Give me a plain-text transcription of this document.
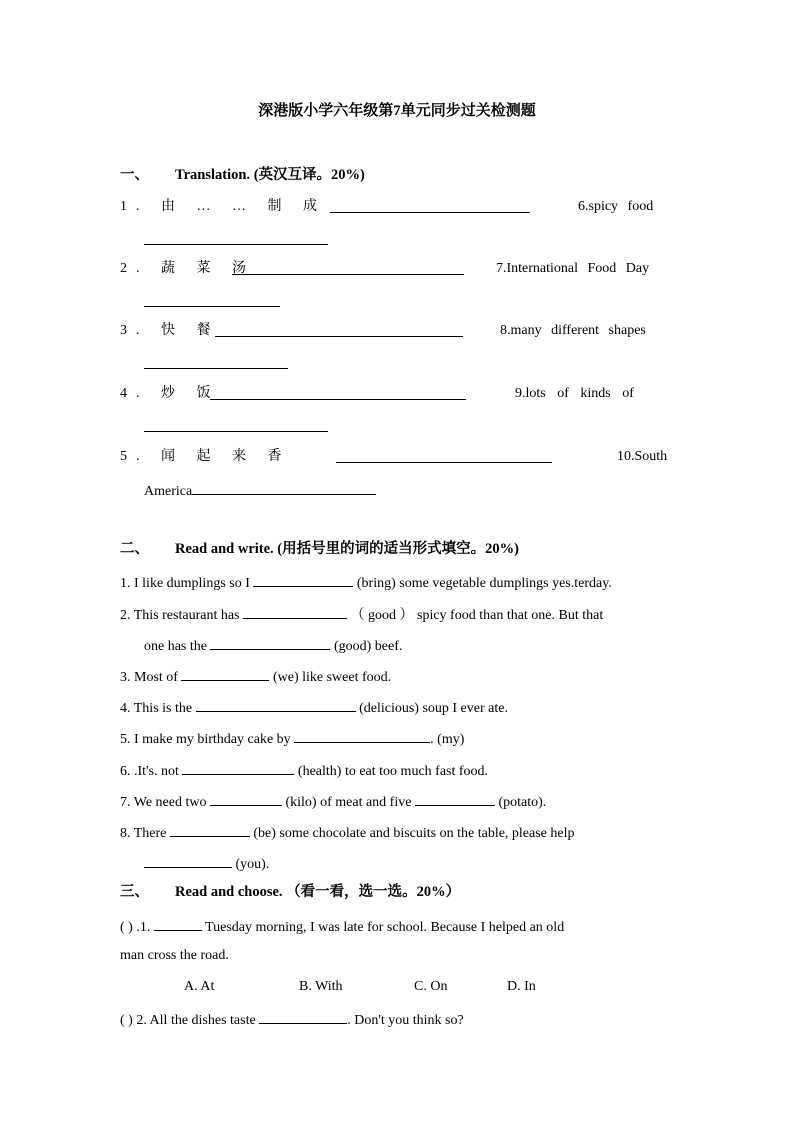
深港版小学六年级第7单元同步过关检测题
一、 Translation. (英汉互译。20%)
1. 由 … … 制 成	6.spicy food
2. 蔬 菜 汤	7.International Food Day
3. 快 餐	8.many different shapes
4. 炒 饭	9.lots of kinds of
5. 闻 起 来 香	10.South
America
二、 Read and write. (用括号里的词的适当形式填空。20%)
1. I like dumplings so I	(bring) some vegetable dumplings yes.terday.
2. This restaurant has	（ good ） spicy food than that one. But that
one has the	(good) beef.
3. Most of	(we) like sweet food.
4. This is the	(delicious) soup I ever ate.
5. I make my birthday cake by	. (my)
6. .It's. not	(health) to eat too much fast food.
7. We need two	(kilo) of meat and five	(potato).
8. There	(be) some chocolate and biscuits on the table, please help
(you).
三、 Read and choose. （看一看，选一选。20%）
( ) .1.	Tuesday morning, I was late for school. Because I helped an old
man cross the road.
A. At	B. With	C. On	D. In
( ) 2. All the dishes taste	. Don't you think so?
